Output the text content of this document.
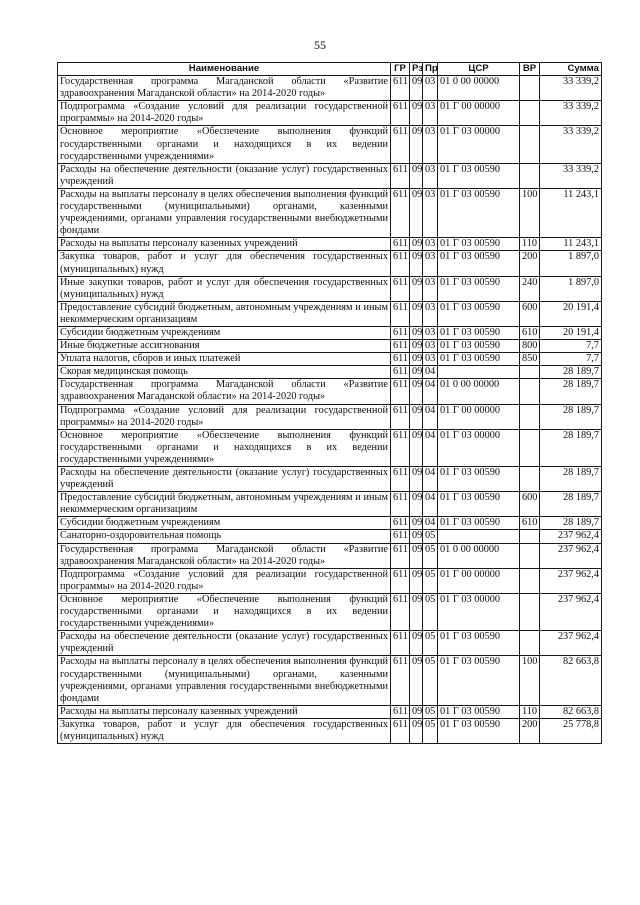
55
Наименование	ГР	Рз	Пр	ЦСР	ВР	Сумма
Государственная программа Магаданской области «Развитие здравоохранения Магаданской области» на 2014-2020 годы»	611	09	03	01 0 00 00000		33 339,2
Подпрограмма «Создание условий для реализации государственной программы» на 2014-2020 годы»	611	09	03	01 Г 00 00000		33 339,2
Основное мероприятие «Обеспечение выполнения функций государственными органами и находящихся в их ведении государственными учреждениями»	611	09	03	01 Г 03 00000		33 339,2
Расходы на обеспечение деятельности (оказание услуг) государственных учреждений	611	09	03	01 Г 03 00590		33 339,2
Расходы на выплаты персоналу в целях обеспечения выполнения функций государственными (муниципальными) органами, казенными учреждениями, органами управления государственными внебюджетными фондами	611	09	03	01 Г 03 00590	100	11 243,1
Расходы на выплаты персоналу казенных учреждений	611	09	03	01 Г 03 00590	110	11 243,1
Закупка товаров, работ и услуг для обеспечения государственных (муниципальных) нужд	611	09	03	01 Г 03 00590	200	1 897,0
Иные закупки товаров, работ и услуг для обеспечения государственных (муниципальных) нужд	611	09	03	01 Г 03 00590	240	1 897,0
Предоставление субсидий бюджетным, автономным учреждениям и иным некоммерческим организациям	611	09	03	01 Г 03 00590	600	20 191,4
Субсидии бюджетным учреждениям	611	09	03	01 Г 03 00590	610	20 191,4
Иные бюджетные ассигнования	611	09	03	01 Г 03 00590	800	7,7
Уплата налогов, сборов и иных платежей	611	09	03	01 Г 03 00590	850	7,7
Скорая медицинская помощь	611	09	04			28 189,7
Государственная программа Магаданской области «Развитие здравоохранения Магаданской области» на 2014-2020 годы»	611	09	04	01 0 00 00000		28 189,7
Подпрограмма «Создание условий для реализации государственной программы» на 2014-2020 годы»	611	09	04	01 Г 00 00000		28 189,7
Основное мероприятие «Обеспечение выполнения функций государственными органами и находящихся в их ведении государственными учреждениями»	611	09	04	01 Г 03 00000		28 189,7
Расходы на обеспечение деятельности (оказание услуг) государственных учреждений	611	09	04	01 Г 03 00590		28 189,7
Предоставление субсидий бюджетным, автономным учреждениям и иным некоммерческим организациям	611	09	04	01 Г 03 00590	600	28 189,7
Субсидии бюджетным учреждениям	611	09	04	01 Г 03 00590	610	28 189,7
Санаторно-оздоровительная помощь	611	09	05			237 962,4
Государственная программа Магаданской области «Развитие здравоохранения Магаданской области» на 2014-2020 годы»	611	09	05	01 0 00 00000		237 962,4
Подпрограмма «Создание условий для реализации государственной программы» на 2014-2020 годы»	611	09	05	01 Г 00 00000		237 962,4
Основное мероприятие «Обеспечение выполнения функций государственными органами и находящихся в их ведении государственными учреждениями»	611	09	05	01 Г 03 00000		237 962,4
Расходы на обеспечение деятельности (оказание услуг) государственных учреждений	611	09	05	01 Г 03 00590		237 962,4
Расходы на выплаты персоналу в целях обеспечения выполнения функций государственными (муниципальными) органами, казенными учреждениями, органами управления государственными внебюджетными фондами	611	09	05	01 Г 03 00590	100	82 663,8
Расходы на выплаты персоналу казенных учреждений	611	09	05	01 Г 03 00590	110	82 663,8
Закупка товаров, работ и услуг для обеспечения государственных (муниципальных) нужд	611	09	05	01 Г 03 00590	200	25 778,8
